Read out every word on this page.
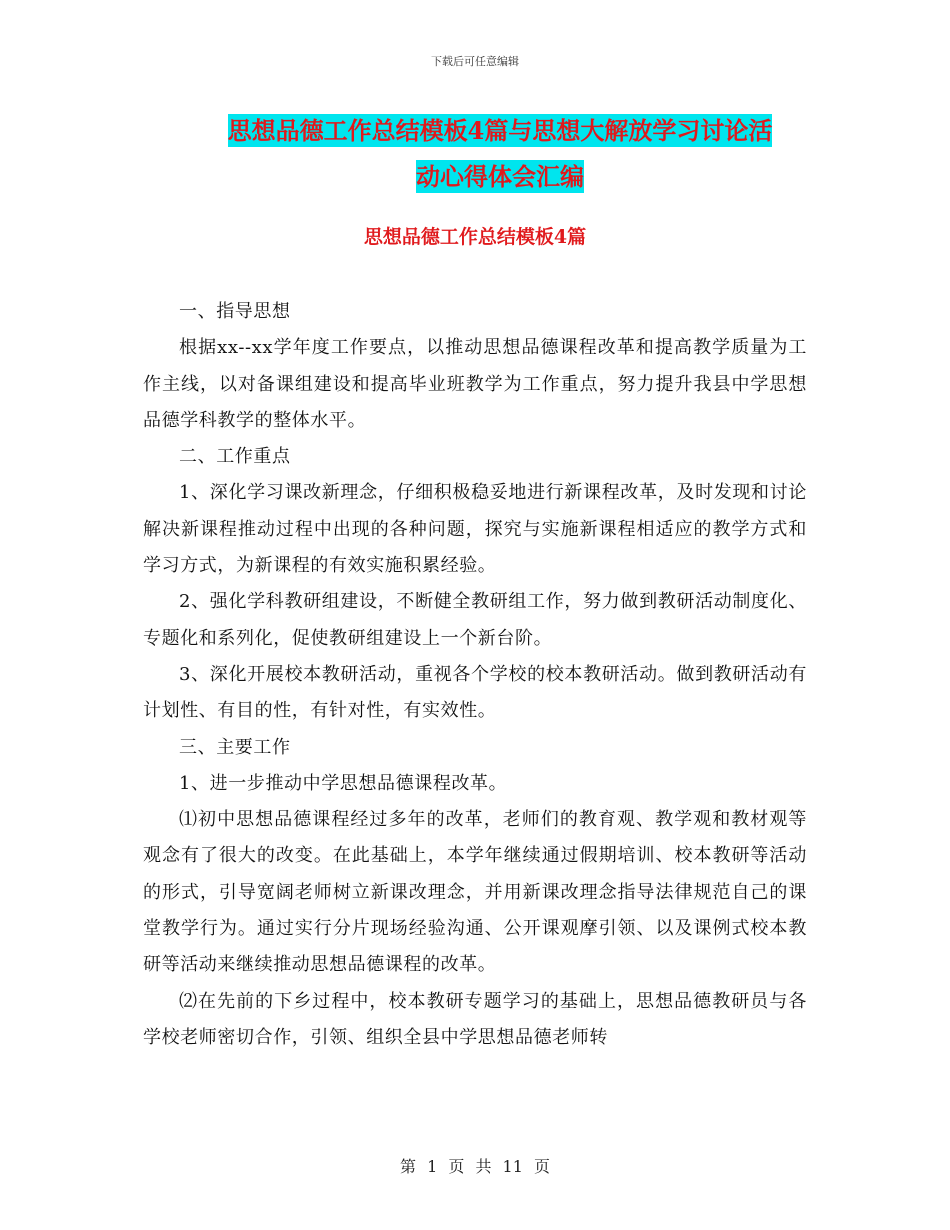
下载后可任意编辑
思想品德工作总结模板4篇与思想大解放学习讨论活
动心得体会汇编
思想品德工作总结模板4篇

一、指导思想

根据xx--xx学年度工作要点，以推动思想品德课程改革和提高教学质量为工作主线，以对备课组建设和提高毕业班教学为工作重点，努力提升我县中学思想品德学科教学的整体水平。

二、工作重点

1、深化学习课改新理念，仔细积极稳妥地进行新课程改革，及时发现和讨论解决新课程推动过程中出现的各种问题，探究与实施新课程相适应的教学方式和学习方式，为新课程的有效实施积累经验。

2、强化学科教研组建设，不断健全教研组工作，努力做到教研活动制度化、专题化和系列化，促使教研组建设上一个新台阶。

3、深化开展校本教研活动，重视各个学校的校本教研活动。做到教研活动有计划性、有目的性，有针对性，有实效性。

三、主要工作

1、进一步推动中学思想品德课程改革。

⑴初中思想品德课程经过多年的改革，老师们的教育观、教学观和教材观等观念有了很大的改变。在此基础上，本学年继续通过假期培训、校本教研等活动的形式，引导宽阔老师树立新课改理念，并用新课改理念指导法律规范自己的课堂教学行为。通过实行分片现场经验沟通、公开课观摩引领、以及课例式校本教研等活动来继续推动思想品德课程的改革。

⑵在先前的下乡过程中，校本教研专题学习的基础上，思想品德教研员与各学校老师密切合作，引领、组织全县中学思想品德老师转

第 1 页 共 11 页
